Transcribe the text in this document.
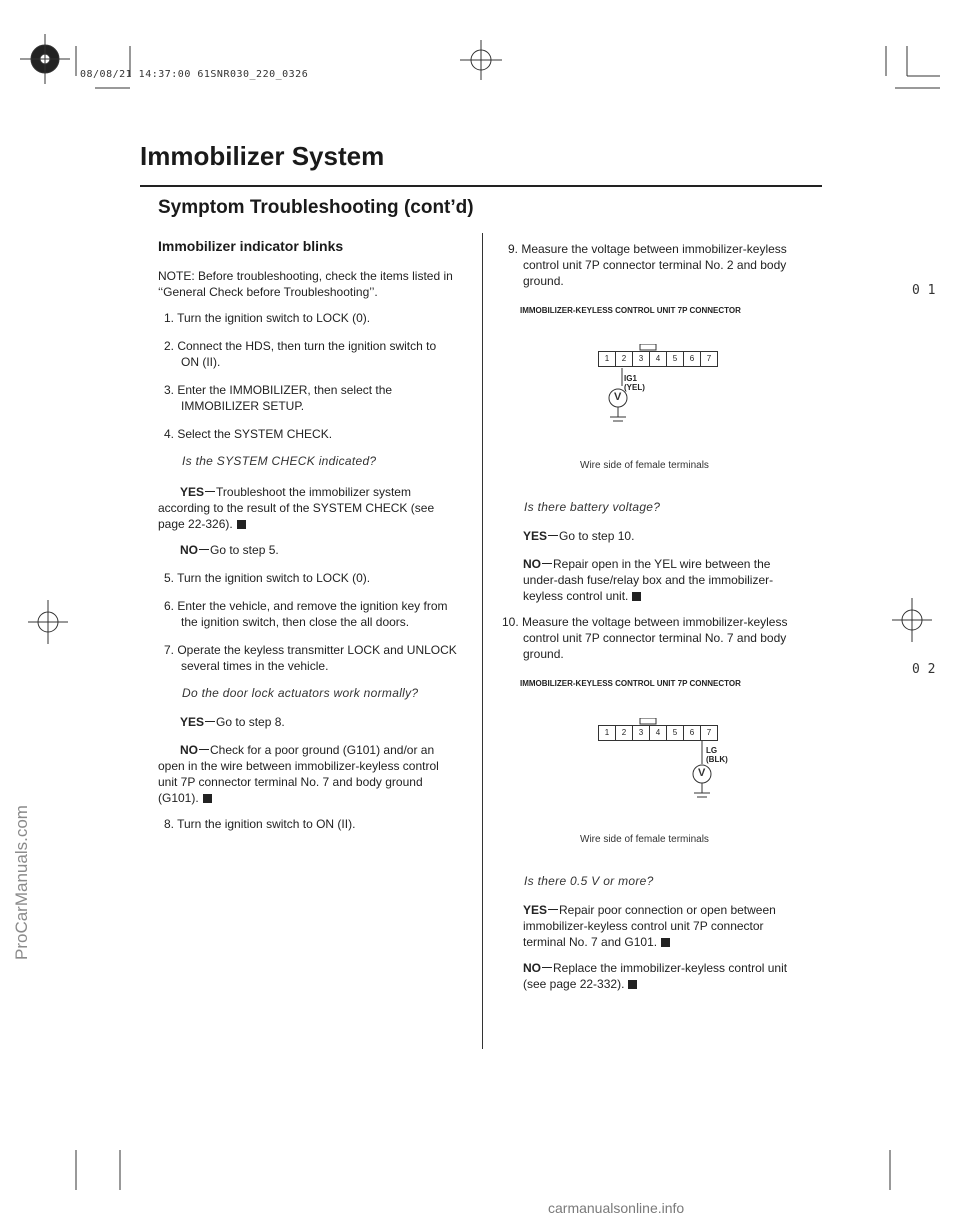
08/08/21 14:37:00 61SNR030_220_0326
Immobilizer System
Symptom Troubleshooting (cont’d)
0 1
0 2
Immobilizer indicator blinks
NOTE: Before troubleshooting, check the items listed in ‘‘General Check before Troubleshooting’’.
1. Turn the ignition switch to LOCK (0).
2. Connect the HDS, then turn the ignition switch to
ON (II).
3. Enter the IMMOBILIZER, then select the
IMMOBILIZER SETUP.
4. Select the SYSTEM CHECK.
Is the SYSTEM CHECK indicated?
YES Troubleshoot the immobilizer system according to the result of the SYSTEM CHECK (see page 22-326).
NO Go to step 5.
5. Turn the ignition switch to LOCK (0).
6. Enter the vehicle, and remove the ignition key from
the ignition switch, then close the all doors.
7. Operate the keyless transmitter LOCK and UNLOCK
several times in the vehicle.
Do the door lock actuators work normally?
YES Go to step 8.
NO Check for a poor ground (G101) and/or an open in the wire between immobilizer-keyless control unit 7P connector terminal No. 7 and body ground (G101).
8. Turn the ignition switch to ON (II).
9. Measure the voltage between immobilizer-keyless
control unit 7P connector terminal No. 2 and body
ground.
IMMOBILIZER-KEYLESS CONTROL UNIT 7P CONNECTOR
1	2	3	4	5	6	7
IG1 (YEL)
V
Wire side of female terminals
Is there battery voltage?
YES Go to step 10.
NO Repair open in the YEL wire between the under-dash fuse/relay box and the immobilizer-keyless control unit.
10. Measure the voltage between immobilizer-keyless
control unit 7P connector terminal No. 7 and body
ground.
IMMOBILIZER-KEYLESS CONTROL UNIT 7P CONNECTOR
1	2	3	4	5	6	7
LG (BLK)
V
Wire side of female terminals
Is there 0.5 V or more?
YES Repair poor connection or open between immobilizer-keyless control unit 7P connector terminal No. 7 and G101.
NO Replace the immobilizer-keyless control unit (see page 22-332).
ProCarManuals.com
carmanualsonline.info
